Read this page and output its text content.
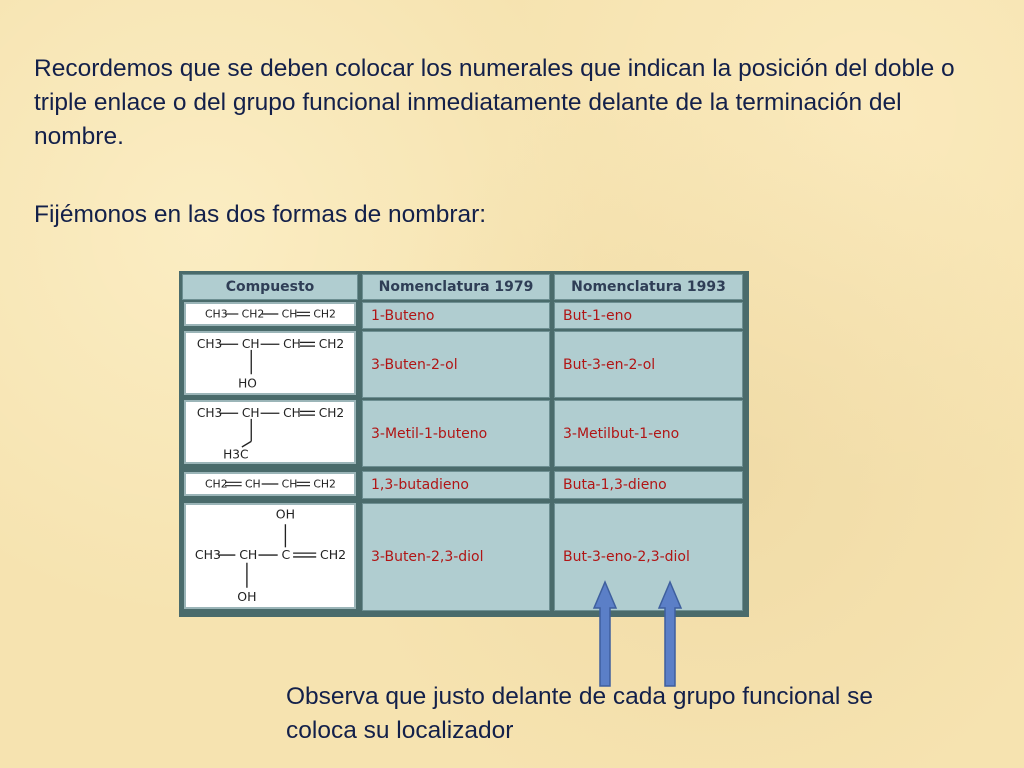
Recordemos que se deben colocar los numerales que indican la posición del doble o triple enlace o del grupo funcional inmediatamente delante de la terminación del nombre.
Fijémonos en las dos formas de nombrar:
Compuesto	Nomenclatura 1979	Nomenclatura 1993
CH3 CH2 CH CH2	1-Buteno	But-1-eno
CH3 CH CH CH2
HO
3-Buten-2-ol	But-3-en-2-ol
CH3 CH CH CH2
H3C
3-Metil-1-buteno	3-Metilbut-1-eno
CH2 CH CH CH2	1,3-butadieno	Buta-1,3-dieno
OH
CH3 CH C CH2
OH
3-Buten-2,3-diol	But-3-eno-2,3-diol
Observa que justo delante de cada grupo funcional se coloca su localizador
